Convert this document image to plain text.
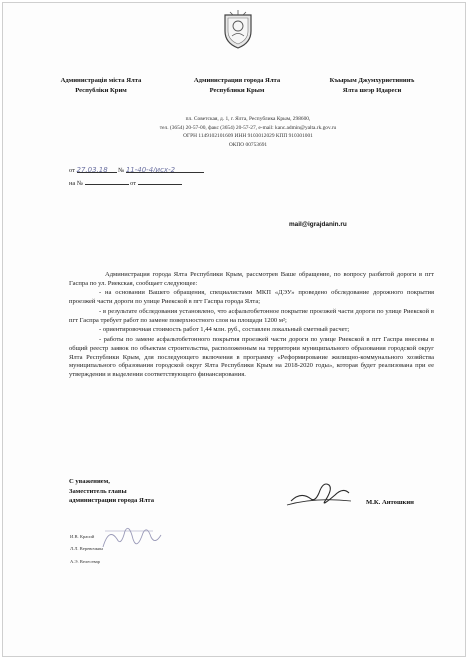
Администрація міста Ялта
Республіки Крим
Администрация города Ялта
Республики Крым
Къырым Джумхуриетининъ
Ялта шеэр Идареси
пл. Советская, д. 1, г. Ялта, Республика Крым, 298600,
тел. (3654) 20-57-00, факс (3654) 20-57-27, e-mail: kanc.admin@yalta.rk.gov.ru
ОГРН 1149102101609 ИНН 9103012029 КПП 910301001
ОКПО 00753691
от 27.03.18 № 11-40-4/исх-2
на №	от
mail@igrajdanin.ru

Администрация города Ялта Республики Крым, рассмотрев Ваше обращение, по вопросу разбитой дороги в пгт Гаспра по ул. Риекская, сообщает следующее:

- на основании Вашего обращения, специалистами МКП «ДЭУ» проведено обследование дорожного покрытия проезжей части дороги по улице Риекской в пгт Гаспра города Ялта;

- в результате обследования установлено, что асфальтобетонное покрытие проезжей части дороги по улице Риекской в пгт Гаспра требует работ по замене поверхностного слоя на площади 1200 м²;

- ориентировочная стоимость работ 1,44 млн. руб., составлен локальный сметный расчет;

- работы по замене асфальтобетонного покрытия проезжей части дороги по улице Риекской в пгт Гаспра внесены в общий реестр заявок по объектам строительства, расположенным на территории муниципального образования городской округ Ялта Республики Крым, для последующего включения в программу «Реформирование жилищно-коммунального хозяйства муниципального образования городской округ Ялта Республики Крым на 2018-2020 годы», которая будет реализована при ее утверждении и выделении соответствующего финансирования.

С уважением,
Заместитель главы
администрации города Ялта	М.К. Антошкин
И.В. Красий
Л.Л. Веревочкин
А.Э. Велесевар
